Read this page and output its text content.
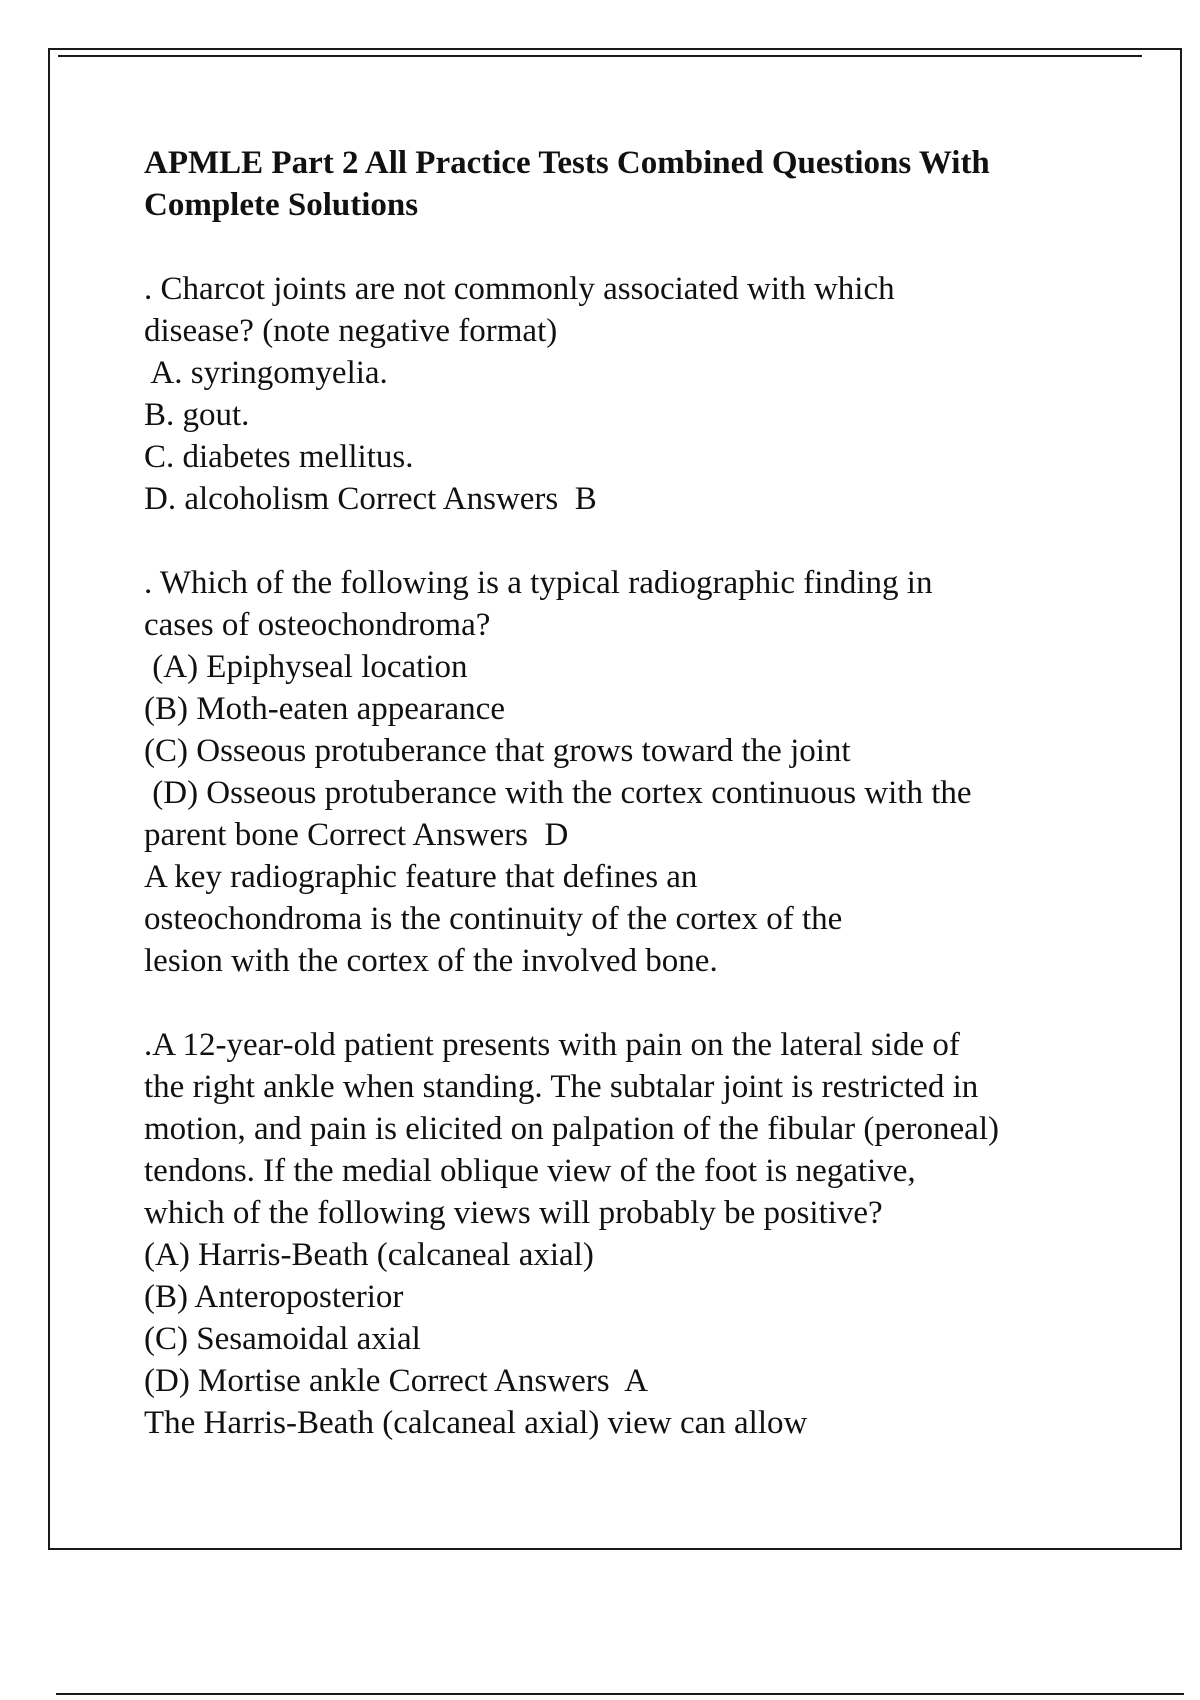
APMLE Part 2 All Practice Tests Combined Questions With
Complete Solutions
. Charcot joints are not commonly associated with which
disease? (note negative format)
A. syringomyelia.
B. gout.
C. diabetes mellitus.
D. alcoholism Correct Answers  B
. Which of the following is a typical radiographic finding in
cases of osteochondroma?
(A) Epiphyseal location
(B) Moth-eaten appearance
(C) Osseous protuberance that grows toward the joint
(D) Osseous protuberance with the cortex continuous with the
parent bone Correct Answers  D
A key radiographic feature that defines an
osteochondroma is the continuity of the cortex of the
lesion with the cortex of the involved bone.
.A 12-year-old patient presents with pain on the lateral side of
the right ankle when standing. The subtalar joint is restricted in
motion, and pain is elicited on palpation of the fibular (peroneal)
tendons. If the medial oblique view of the foot is negative,
which of the following views will probably be positive?
(A) Harris-Beath (calcaneal axial)
(B) Anteroposterior
(C) Sesamoidal axial
(D) Mortise ankle Correct Answers  A
The Harris-Beath (calcaneal axial) view can allow
